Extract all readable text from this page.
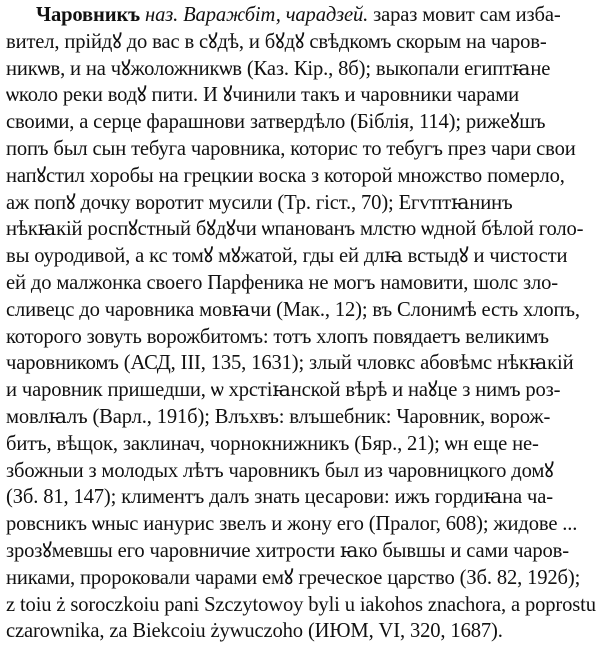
Чаровникъ наз. Варажбіт, чарадзей. зараз мовит сам изба-
вител, прійдꙋ до вас в сꙋдѣ, и бꙋдꙋ свѣдкомъ скорым на чаров-
никѡв, и на чꙋжоложникѡв (Каз. Кір., 8б); выкопали египтꙗне
ѡколо реки водꙋ пити. И ꙋчинили такъ и чаровники чарами
своими, а серце фарашнови затвердѣло (Біблія, 114); рижеꙋшъ
попъ был сын тебуга чаровника, которис то тебугъ през чари свои
напꙋстил хоробы на грецкии воска з которой множство померло,
аж попꙋ дочку воротит мусили (Тр. гіст., 70); Егѵптꙗнинъ
нѣкꙗкій роспꙋстный бꙋдꙋчи ѡпанованъ млстю ѡдной бѣлой голо-
вы оуродивой, а кс томꙋ мꙋжатой, гды ей длꙗ встыдꙋ и чистости
ей до малжонка своего Парфеника не могъ намовити, шолс зло-
сливецс до чаровника мовꙗчи (Мак., 12); въ Слонимѣ есть хлопъ,
которого зовуть ворожбитомъ: тотъ хлопъ повядаетъ великимъ
чаровникомъ (АСД, III, 135, 1631); злый чловкс абовѣмс нѣкꙗкій
и чаровник пришедши, ѡ хрстіꙗнской вѣрѣ и наꙋце з нимъ роз-
мовлꙗлъ (Варл., 191б); Влъхвъ: влъшебник: Чаровник, ворож-
битъ, вѣщок, заклинач, чорнокнижникъ (Бяр., 21); ѡн еще не-
збожныи з молодых лѣтъ чаровникъ был из чаровницкого домꙋ
(Зб. 81, 147); климентъ далъ знать цесарови: ижъ гордиꙗна ча-
ровсникъ ѡныс ианурис звелъ и жону его (Пралог, 608); жидове ...
зрозꙋмевшы его чаровничие хитрости ꙗко бывшы и сами чаров-
никами, пророковали чарами емꙋ греческое царство (Зб. 82, 192б);
z toiu ż soroczkoiu pani Szczytowoy byli u iakohos znachora, a poprostu
czarownika, za Biekcoiu żywuczoho (ИЮМ, VI, 320, 1687).
